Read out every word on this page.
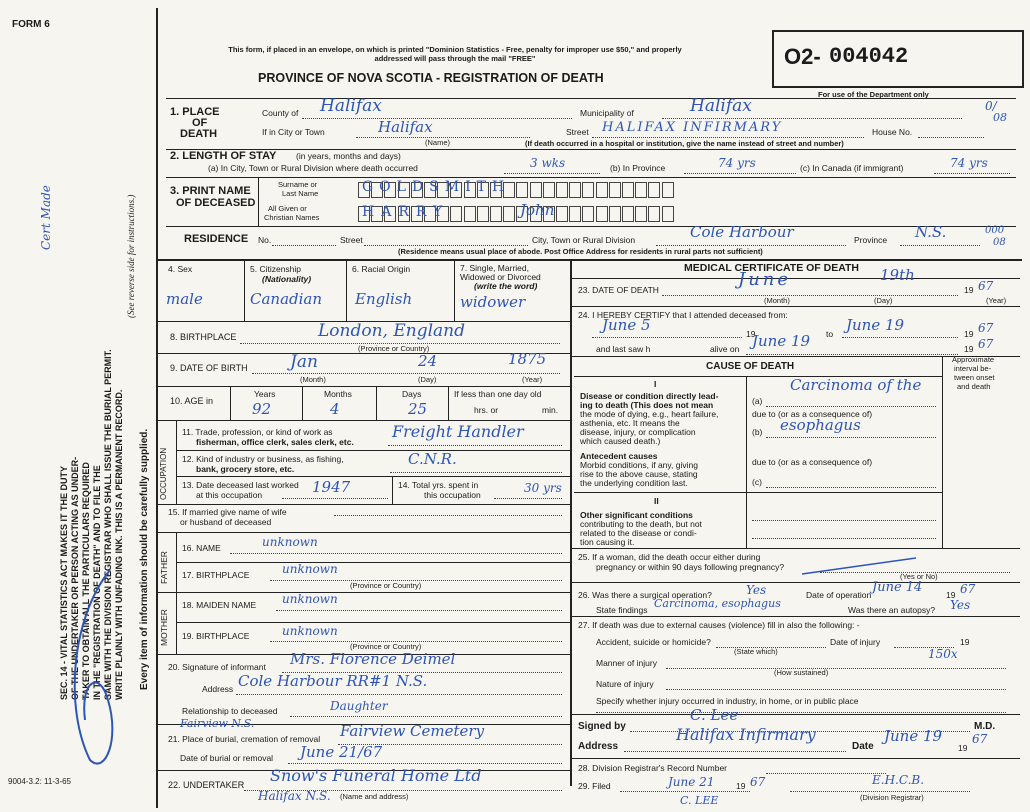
FORM 6
SEC. 14 - VITAL STATISTICS ACT MAKES IT THE DUTY OF THE UNDERTAKER OR PERSON ACTING AS UNDER- TAKER TO OBTAIN ALL THE PARTICULARS REQUIRED IN THE "REGISTRATION OF DEATH" AND TO FILE THE SAME WITH THE DIVISION REGISTRAR WHO SHALL ISSUE THE BURIAL PERMIT. WRITE PLAINLY WITH UNFADING INK. THIS IS A PERMANENT RECORD.
(See reverse side for instructions.)
Every item of information should be carefully supplied.
Cert Made
9004-3.2: 11-3-65
This form, if placed in an envelope, on which is printed "Dominion Statistics - Free, penalty for improper use $50," and properly addressed will pass through the mail "FREE"
PROVINCE OF NOVA SCOTIA - REGISTRATION OF DEATH
O2- 004042
For use of the Department only
0/
08
1. PLACE
OF
DEATH
County of Halifax	Municipality of	Halifax
If in City or Town	Halifax
(Name)
Street HALIFAX INFIRMARY	House No.
(If death occurred in a hospital or institution, give the name instead of street and number)
2. LENGTH OF STAY (in years, months and days)
(a) In City, Town or Rural Division where death occurred	3 wks	(b) In Province	74 yrs	(c) In Canada (if immigrant)	74 yrs
3. PRINT NAME
OF DECEASED
Surname or
Last Name
All Given or
Christian Names
GOLDSMITH
HARRY	John
RESIDENCE No.	Street	City, Town or Rural Division	Cole Harbour	Province N.S.	000
08
(Residence means usual place of abode. Post Office Address for residents in rural parts not sufficient)
4. Sex
male
5. Citizenship
(Nationality)
Canadian
6. Racial Origin
English
7. Single, Married,
Widowed or Divorced
(write the word)
widower
8. BIRTHPLACE	London, England
(Province or Country)
9. DATE OF BIRTH Jan	24	1875
(Month)	(Day)	(Year)
10. AGE in
Years	Months	Days
92	4	25
If less than one day old
hrs. or	min.
OCCUPATION
11. Trade, profession, or kind of work as
fisherman, office clerk, sales clerk, etc.
Freight Handler
12. Kind of industry or business, as fishing,
bank, grocery store, etc.
C.N.R.
13. Date deceased last worked
at this occupation	1947	14. Total yrs. spent in
this occupation	30 yrs
15. If married give name of wife
or husband of deceased
FATHER
16. NAME	unknown
17. BIRTHPLACE	unknown
(Province or Country)
MOTHER
18. MAIDEN NAME unknown
19. BIRTHPLACE	unknown
(Province or Country)
20. Signature of informant Mrs. Florence Deimel
Address Cole Harbour RR#1 N.S.
Relationship to deceased	Daughter
Fairview N.S.
21. Place of burial, cremation of removal Fairview Cemetery
Date of burial or removal June 21/67
22. UNDERTAKER Snow's Funeral Home Ltd
Halifax N.S. (Name and address)
MEDICAL CERTIFICATE OF DEATH
23. DATE OF DEATH	June	19th
19 67
(Month)	(Day)	(Year)
24. I HEREBY CERTIFY that I attended deceased from:
June 5	19	to June 19	19 67
and last saw h	alive on June 19	19 67
CAUSE OF DEATH
Approximate
interval be-
tween onset
and death
I
Disease or condition directly lead-
ing to death (This does not mean
the mode of dying, e.g., heart failure,
asthenia, etc. It means the
disease, injury, or complication
which caused death.)
(a)
Carcinoma of the
due to (or as a consequence of)
(b) esophagus
Antecedent causes
Morbid conditions, if any, giving
rise to the above cause, stating
the underlying condition last.
due to (or as a consequence of)
(c)
II
Other significant conditions
contributing to the death, but not
related to the disease or condi-
tion causing it.
25. If a woman, did the death occur either during
pregnancy or within 90 days following pregnancy?
(Yes or No)
26. Was there a surgical operation?	Yes	Date of operation June 14	19 67
State findings Carcinoma, esophagus	Was there an autopsy? Yes
27. If death was due to external causes (violence) fill in also the following: -
Accident, suicide or homicide?	Date of injury	19
(State which)
Manner of injury
150x
(How sustained)
Nature of injury
Specify whether injury occurred in industry, in home, or in public place
Signed by
C. Lee
M.D.
Address
Halifax Infirmary
Date
June 19
19
67
28. Division Registrar's Record Number
29. Filed	June 21	19 67	E.H.C.B.
(Division Registrar)
C. LEE
